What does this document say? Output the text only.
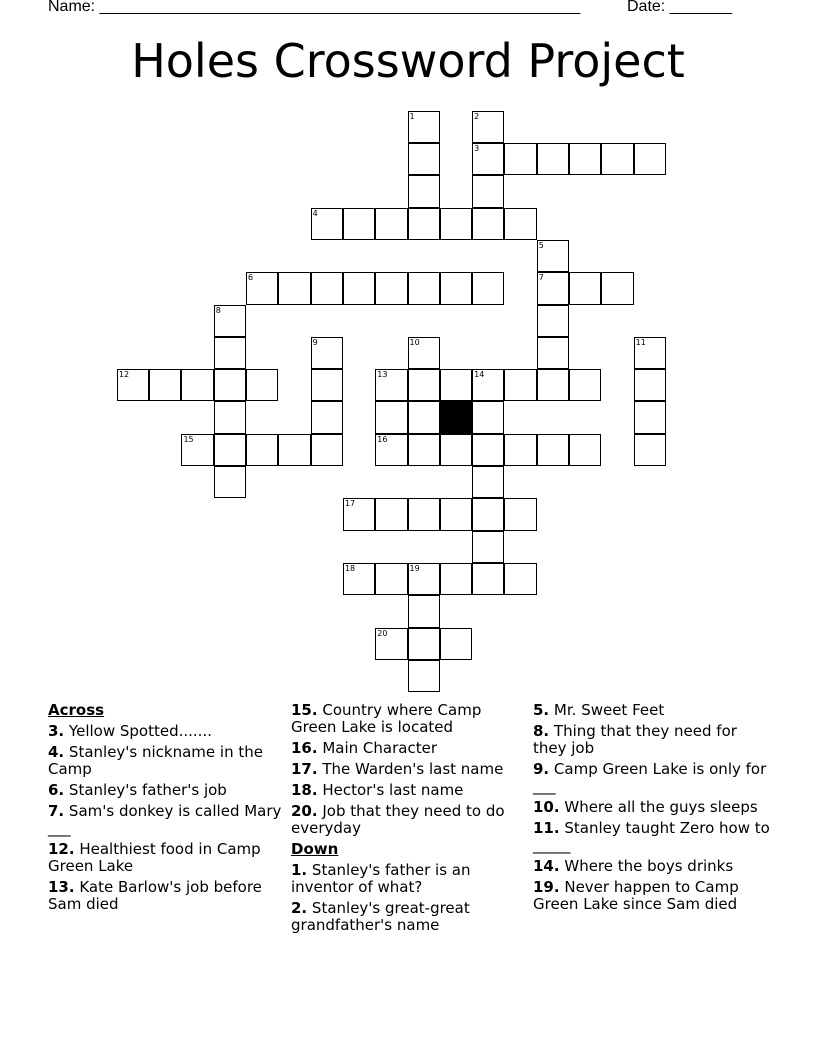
Name: ______________________________________________________	Date: _______
Holes Crossword Project
1	2
3
4
5
6	7
8
9	10	11
12	13	14
15	16
17
18	19
20
Across
3. Yellow Spotted.......
4. Stanley's nickname in the Camp
6. Stanley's father's job
7. Sam's donkey is called Mary ___
12. Healthiest food in Camp Green Lake
13. Kate Barlow's job before Sam died
15. Country where Camp Green Lake is located
16. Main Character
17. The Warden's last name
18. Hector's last name
20. Job that they need to do everyday
Down
1. Stanley's father is an inventor of what?
2. Stanley's great-great grandfather's name
5. Mr. Sweet Feet
8. Thing that they need for they job
9. Camp Green Lake is only for ___
10. Where all the guys sleeps
11. Stanley taught Zero how to _____
14. Where the boys drinks
19. Never happen to Camp Green Lake since Sam died
